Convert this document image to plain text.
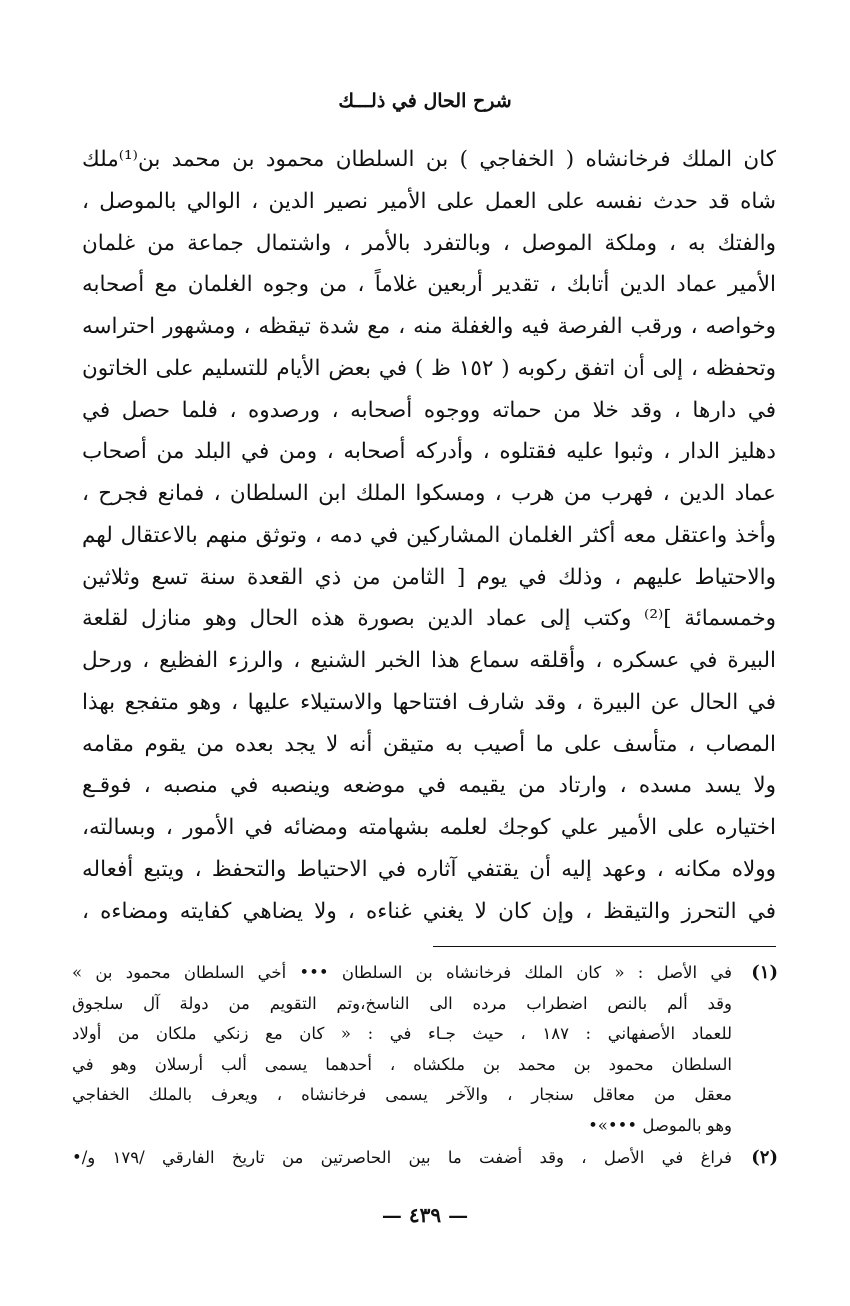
شرح الحال في ذلـــك
كان الملك فرخانشاه ( الخفاجي ) بن السلطان محمود بن محمد بن⁽¹⁾ملك
شاه قد حدث نفسه على العمل على الأمير نصير الدين ، الوالي بالموصل ،
والفتك به ، وملكة الموصل ، وبالتفرد بالأمر ، واشتمال جماعة من غلمان
الأمير عماد الدين أتابك ، تقدير أربعين غلاماً ، من وجوه الغلمان مع أصحابه
وخواصه ، ورقب الفرصة فيه والغفلة منه ، مع شدة تيقظه ، ومشهور احتراسه
وتحفظه ، إلى أن اتفق ركوبه ( ١٥٢ ظ ) في بعض الأيام للتسليم على الخاتون
في دارها ، وقد خلا من حماته ووجوه أصحابه ، ورصدوه ، فلما حصل في
دهليز الدار ، وثبوا عليه فقتلوه ، وأدركه أصحابه ، ومن في البلد من أصحاب
عماد الدين ، فهرب من هرب ، ومسكوا الملك ابن السلطان ، فمانع فجرح ،
وأخذ واعتقل معه أكثر الغلمان المشاركين في دمه ، وتوثق منهم بالاعتقال لهم
والاحتياط عليهم ، وذلك في يوم [ الثامن من ذي القعدة سنة تسع وثلاثين
وخمسمائة ]⁽²⁾ وكتب إلى عماد الدين بصورة هذه الحال وهو منازل لقلعة
البيرة في عسكره ، وأقلقه سماع هذا الخبر الشنيع ، والرزء الفظيع ، ورحل
في الحال عن البيرة ، وقد شارف افتتاحها والاستيلاء عليها ، وهو متفجع بهذا
المصاب ، متأسف على ما أصيب به متيقن أنه لا يجد بعده من يقوم مقامه
ولا يسد مسده ، وارتاد من يقيمه في موضعه وينصبه في منصبه ، فوقـع
اختياره على الأمير علي كوجك لعلمه بشهامته ومضائه في الأمور ، وبسالته،
وولاه مكانه ، وعهد إليه أن يقتفي آثاره في الاحتياط والتحفظ ، ويتبع أفعاله
في التحرز والتيقظ ، وإن كان لا يغني غناءه ، ولا يضاهي كفايته ومضاءه ،
(١)
في الأصل : « كان الملك فرخانشاه بن السلطان ••• أخي السلطان محمود بن »
وقد ألم بالنص اضطراب مرده الى الناسخ،وتم التقويم من دولة آل سلجوق
للعماد الأصفهاني : ١٨٧ ، حيث جـاء في : « كان مع زنكي ملكان من أولاد
السلطان محمود بن محمد بن ملكشاه ، أحدهما يسمى ألب أرسلان وهو في
معقل من معاقل سنجار ، والآخر يسمى فرخانشاه ، ويعرف بالملك الخفاجي
وهو بالموصل •••»•
(٢)
فراغ في الأصل ، وقد أضفت ما بين الحاصرتين من تاريخ الفارقي /١٧٩ و/•
— ٤٣٩ —
